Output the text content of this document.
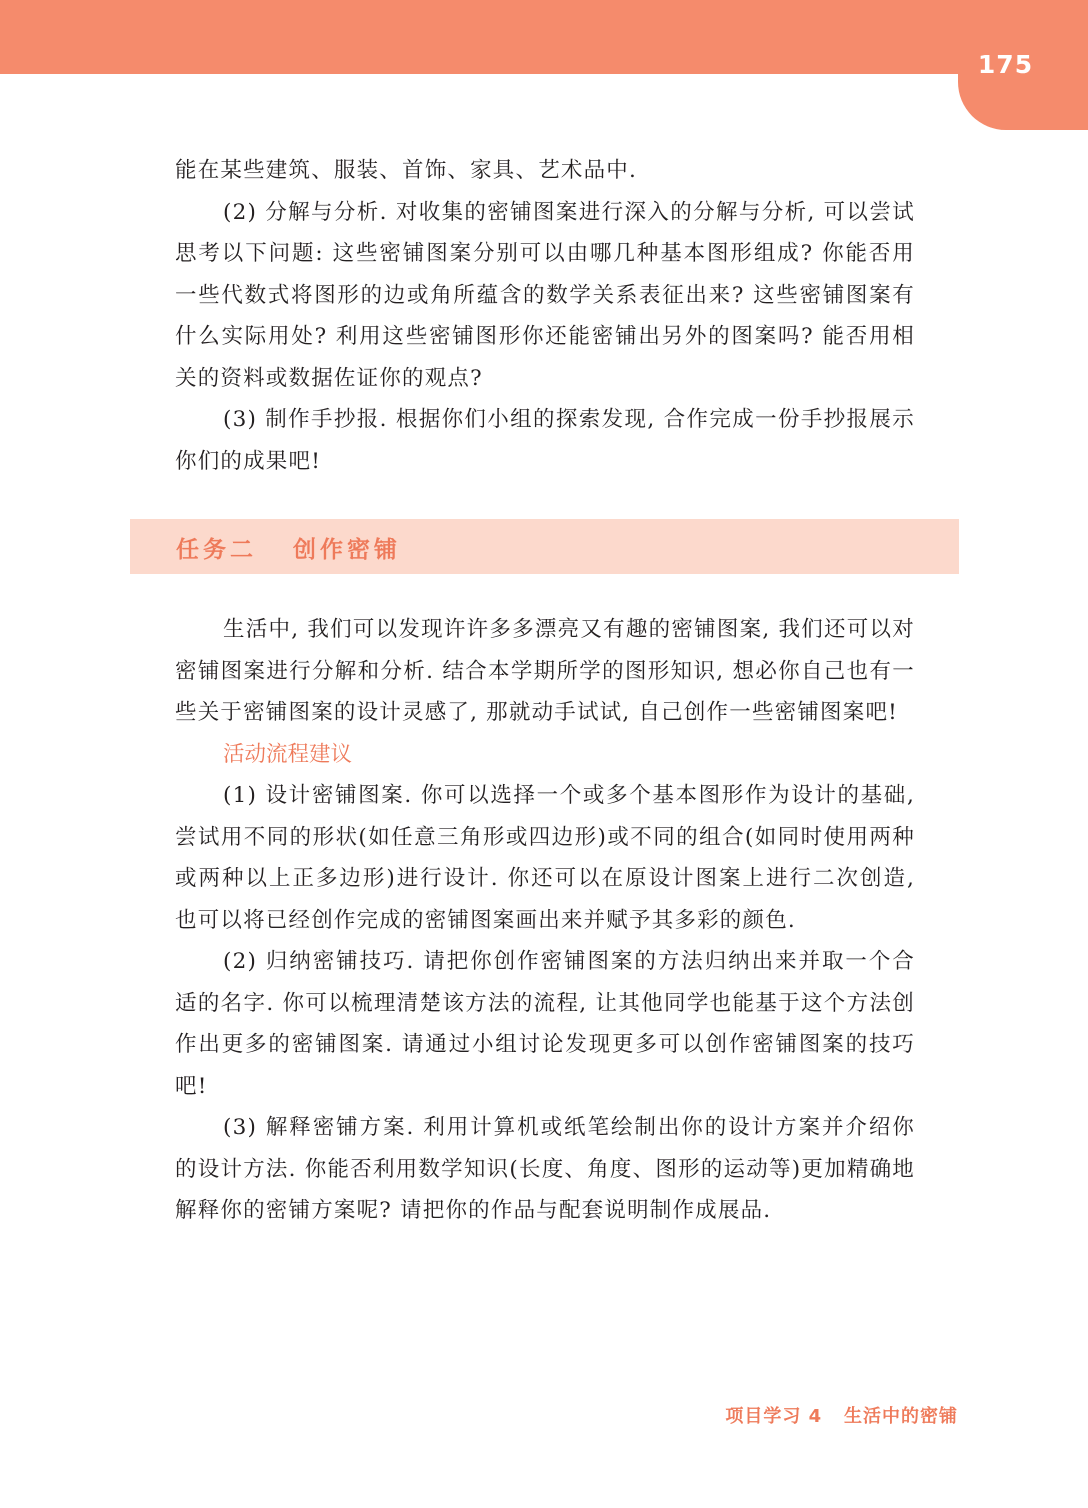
175

能在某些建筑、服装、首饰、家具、艺术品中.

(2) 分解与分析. 对收集的密铺图案进行深入的分解与分析, 可以尝试思考以下问题: 这些密铺图案分别可以由哪几种基本图形组成? 你能否用一些代数式将图形的边或角所蕴含的数学关系表征出来? 这些密铺图案有什么实际用处? 利用这些密铺图形你还能密铺出另外的图案吗? 能否用相关的资料或数据佐证你的观点?

(3) 制作手抄报. 根据你们小组的探索发现, 合作完成一份手抄报展示你们的成果吧!

任务二   创作密铺

生活中, 我们可以发现许许多多漂亮又有趣的密铺图案, 我们还可以对密铺图案进行分解和分析. 结合本学期所学的图形知识, 想必你自己也有一些关于密铺图案的设计灵感了, 那就动手试试, 自己创作一些密铺图案吧!

活动流程建议

(1) 设计密铺图案. 你可以选择一个或多个基本图形作为设计的基础, 尝试用不同的形状(如任意三角形或四边形)或不同的组合(如同时使用两种或两种以上正多边形)进行设计. 你还可以在原设计图案上进行二次创造, 也可以将已经创作完成的密铺图案画出来并赋予其多彩的颜色.

(2) 归纳密铺技巧. 请把你创作密铺图案的方法归纳出来并取一个合适的名字. 你可以梳理清楚该方法的流程, 让其他同学也能基于这个方法创作出更多的密铺图案. 请通过小组讨论发现更多可以创作密铺图案的技巧吧!

(3) 解释密铺方案. 利用计算机或纸笔绘制出你的设计方案并介绍你的设计方法. 你能否利用数学知识(长度、角度、图形的运动等)更加精确地解释你的密铺方案呢? 请把你的作品与配套说明制作成展品.

项目学习 4   生活中的密铺
